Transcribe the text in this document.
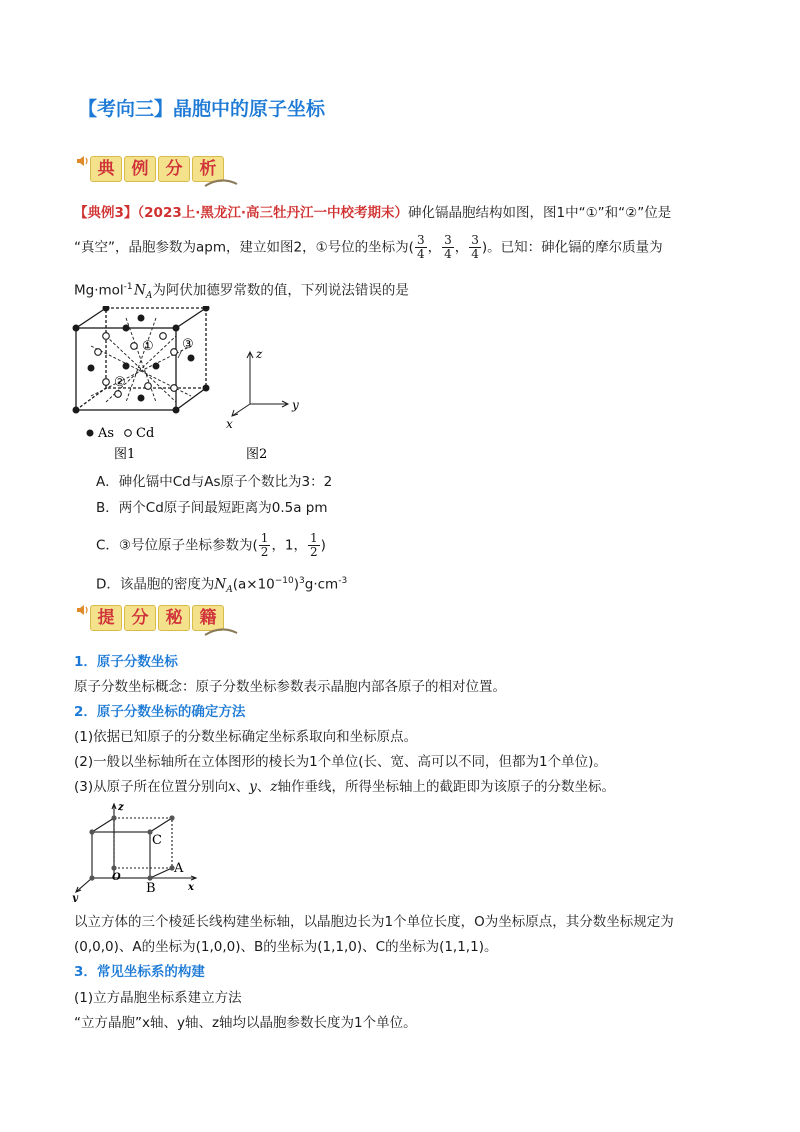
【考向三】晶胞中的原子坐标
典	例	分	析
【典例3】（2023上·黑龙江·高三牡丹江一中校考期末）砷化镉晶胞结构如图，图1中“①”和“②”位是
“真空”，晶胞参数为apm，建立如图2，①号位的坐标为( $\frac{3}{4}$ ， $\frac{3}{4}$ ， $\frac{3}{4}$ )。已知：砷化镉的摩尔质量为
Mg·mol$^{-1}$ $N_A$为阿伏加德罗常数的值，下列说法错误的是
①
②
③
As Cd
图1
z
y
x
图2
A．砷化镉中Cd与As原子个数比为3：2
B．两个Cd原子间最短距离为0.5a pm
C．③号位原子坐标参数为( $\frac{1}{2}$ ，1， $\frac{1}{2}$ )
D．该晶胞的密度为$N_A(a\times 10^{-10})^3g\cdot cm^{-3}$
提	分	秘	籍
1．原子分数坐标
原子分数坐标概念：原子分数坐标参数表示晶胞内部各原子的相对位置。
2．原子分数坐标的确定方法
(1)依据已知原子的分数坐标确定坐标系取向和坐标原点。
(2)一般以坐标轴所在立体图形的棱长为1个单位(长、宽、高可以不同，但都为1个单位)。
(3)从原子所在位置分别向x、y、z轴作垂线，所得坐标轴上的截距即为该原子的分数坐标。
z
x
y
O
A
B
C
以立方体的三个棱延长线构建坐标轴，以晶胞边长为1个单位长度，O为坐标原点，其分数坐标规定为
(0,0,0)、A的坐标为(1,0,0)、B的坐标为(1,1,0)、C的坐标为(1,1,1)。
3．常见坐标系的构建
(1)立方晶胞坐标系建立方法
“立方晶胞”x轴、y轴、z轴均以晶胞参数长度为1个单位。
